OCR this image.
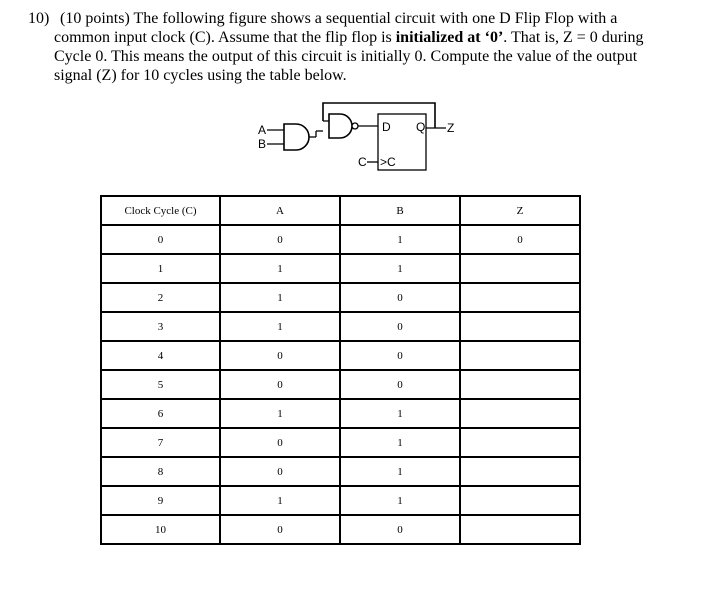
10) (10 points) The following figure shows a sequential circuit with one D Flip Flop with a
common input clock (C). Assume that the flip flop is initialized at ‘0’. That is, Z = 0 during
Cycle 0. This means the output of this circuit is initially 0. Compute the value of the output
signal (Z) for 10 cycles using the table below.
A
B
D Q
>C
Z
C
Clock Cycle (C)	A	B	Z
0	0	1	0
1	1	1	
2	1	0	
3	1	0	
4	0	0	
5	0	0	
6	1	1	
7	0	1	
8	0	1	
9	1	1	
10	0	0	
